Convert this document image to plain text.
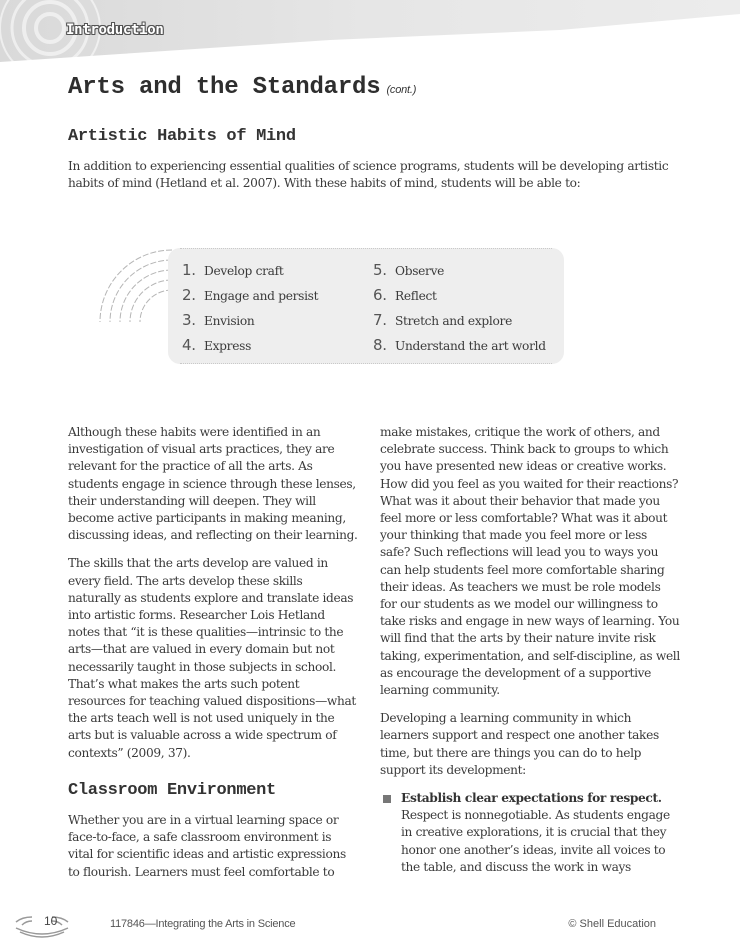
Introduction
Arts and the Standards (cont.)
Artistic Habits of Mind

In addition to experiencing essential qualities of science programs, students will be developing artistic habits of mind (Hetland et al. 2007). With these habits of mind, students will be able to:

1. Develop craft
2. Engage and persist
3. Envision
4. Express
5. Observe
6. Reflect
7. Stretch and explore
8. Understand the art world

Although these habits were identified in an investigation of visual arts practices, they are relevant for the practice of all the arts. As students engage in science through these lenses, their understanding will deepen. They will become active participants in making meaning, discussing ideas, and reflecting on their learning.

The skills that the arts develop are valued in every field. The arts develop these skills naturally as students explore and translate ideas into artistic forms. Researcher Lois Hetland notes that “it is these qualities—intrinsic to the arts—that are valued in every domain but not necessarily taught in those subjects in school. That’s what makes the arts such potent resources for teaching valued dispositions—what the arts teach well is not used uniquely in the arts but is valuable across a wide spectrum of contexts” (2009, 37).

Classroom Environment

Whether you are in a virtual learning space or face-to-face, a safe classroom environment is vital for scientific ideas and artistic expressions to flourish. Learners must feel comfortable to

make mistakes, critique the work of others, and celebrate success. Think back to groups to which you have presented new ideas or creative works. How did you feel as you waited for their reactions? What was it about their behavior that made you feel more or less comfortable? What was it about your thinking that made you feel more or less safe? Such reflections will lead you to ways you can help students feel more comfortable sharing their ideas. As teachers we must be role models for our students as we model our willingness to take risks and engage in new ways of learning. You will find that the arts by their nature invite risk taking, experimentation, and self-discipline, as well as encourage the development of a supportive learning community.

Developing a learning community in which learners support and respect one another takes time, but there are things you can do to help support its development:

Establish clear expectations for respect. Respect is nonnegotiable. As students engage in creative explorations, it is crucial that they honor one another’s ideas, invite all voices to the table, and discuss the work in ways
10	117846—Integrating the Arts in Science	© Shell Education
